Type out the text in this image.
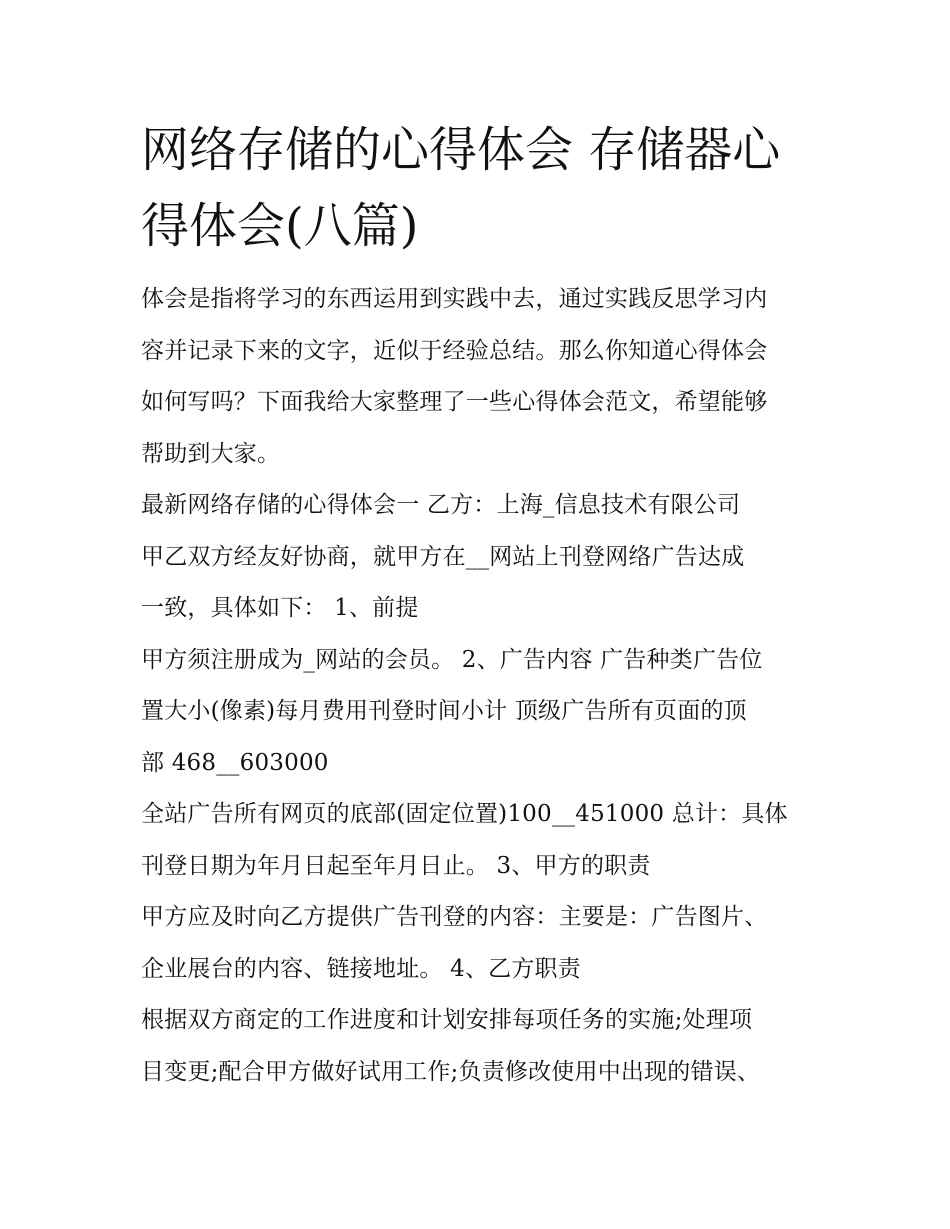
网络存储的心得体会 存储器心
得体会(八篇)

体会是指将学习的东西运用到实践中去，通过实践反思学习内
容并记录下来的文字，近似于经验总结。那么你知道心得体会
如何写吗？下面我给大家整理了一些心得体会范文，希望能够
帮助到大家。

最新网络存储的心得体会一 乙方：上海_信息技术有限公司
甲乙双方经友好协商，就甲方在__网站上刊登网络广告达成
一致，具体如下： 1、前提

甲方须注册成为_网站的会员。 2、广告内容 广告种类广告位
置大小(像素)每月费用刊登时间小计 顶级广告所有页面的顶
部 468__603000

全站广告所有网页的底部(固定位置)100__451000 总计：具体
刊登日期为年月日起至年月日止。 3、甲方的职责

甲方应及时向乙方提供广告刊登的内容：主要是：广告图片、
企业展台的内容、链接地址。 4、乙方职责

根据双方商定的工作进度和计划安排每项任务的实施;处理项
目变更;配合甲方做好试用工作;负责修改使用中出现的错误、
